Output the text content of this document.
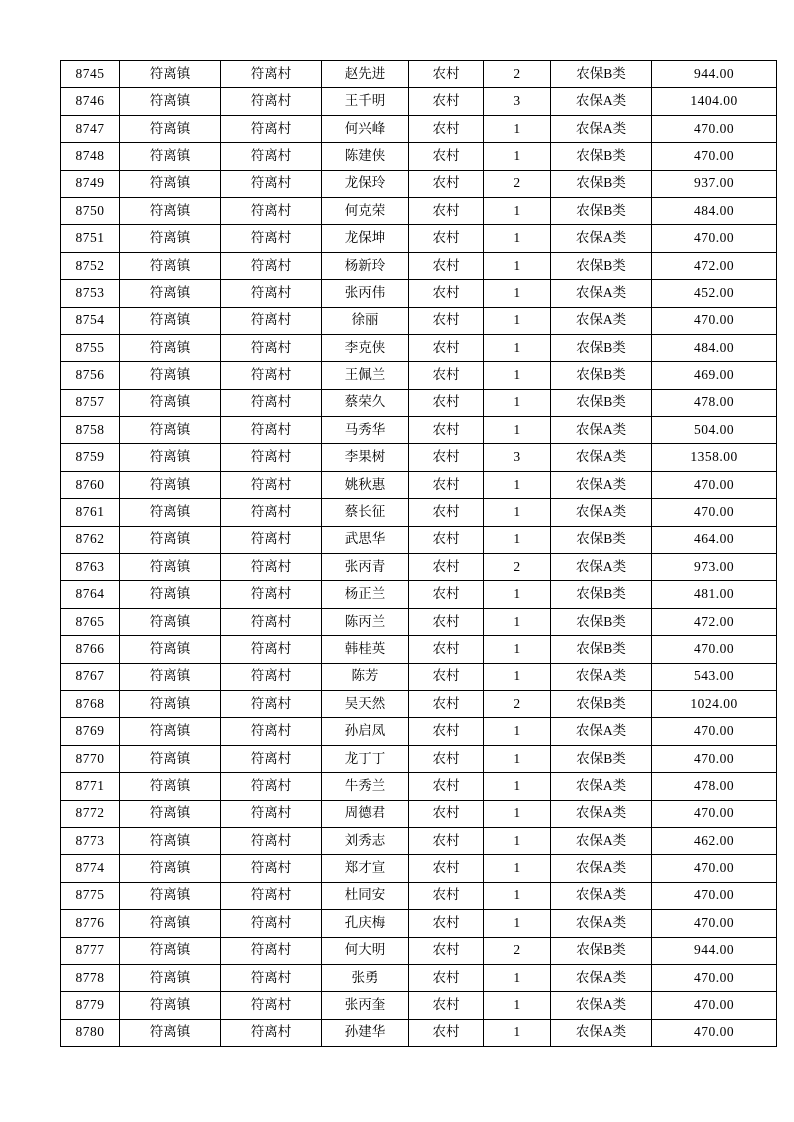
8745	符离镇	符离村	赵先进	农村	2	农保B类	944.00
8746	符离镇	符离村	王千明	农村	3	农保A类	1404.00
8747	符离镇	符离村	何兴峰	农村	1	农保A类	470.00
8748	符离镇	符离村	陈建侠	农村	1	农保B类	470.00
8749	符离镇	符离村	龙保玲	农村	2	农保B类	937.00
8750	符离镇	符离村	何克荣	农村	1	农保B类	484.00
8751	符离镇	符离村	龙保坤	农村	1	农保A类	470.00
8752	符离镇	符离村	杨新玲	农村	1	农保B类	472.00
8753	符离镇	符离村	张丙伟	农村	1	农保A类	452.00
8754	符离镇	符离村	徐丽	农村	1	农保A类	470.00
8755	符离镇	符离村	李克侠	农村	1	农保B类	484.00
8756	符离镇	符离村	王佩兰	农村	1	农保B类	469.00
8757	符离镇	符离村	蔡荣久	农村	1	农保B类	478.00
8758	符离镇	符离村	马秀华	农村	1	农保A类	504.00
8759	符离镇	符离村	李果树	农村	3	农保A类	1358.00
8760	符离镇	符离村	姚秋惠	农村	1	农保A类	470.00
8761	符离镇	符离村	蔡长征	农村	1	农保A类	470.00
8762	符离镇	符离村	武思华	农村	1	农保B类	464.00
8763	符离镇	符离村	张丙青	农村	2	农保A类	973.00
8764	符离镇	符离村	杨正兰	农村	1	农保B类	481.00
8765	符离镇	符离村	陈丙兰	农村	1	农保B类	472.00
8766	符离镇	符离村	韩桂英	农村	1	农保B类	470.00
8767	符离镇	符离村	陈芳	农村	1	农保A类	543.00
8768	符离镇	符离村	吴天然	农村	2	农保B类	1024.00
8769	符离镇	符离村	孙启凤	农村	1	农保A类	470.00
8770	符离镇	符离村	龙丁丁	农村	1	农保B类	470.00
8771	符离镇	符离村	牛秀兰	农村	1	农保A类	478.00
8772	符离镇	符离村	周德君	农村	1	农保A类	470.00
8773	符离镇	符离村	刘秀志	农村	1	农保A类	462.00
8774	符离镇	符离村	郑才宣	农村	1	农保A类	470.00
8775	符离镇	符离村	杜同安	农村	1	农保A类	470.00
8776	符离镇	符离村	孔庆梅	农村	1	农保A类	470.00
8777	符离镇	符离村	何大明	农村	2	农保B类	944.00
8778	符离镇	符离村	张勇	农村	1	农保A类	470.00
8779	符离镇	符离村	张丙奎	农村	1	农保A类	470.00
8780	符离镇	符离村	孙建华	农村	1	农保A类	470.00
